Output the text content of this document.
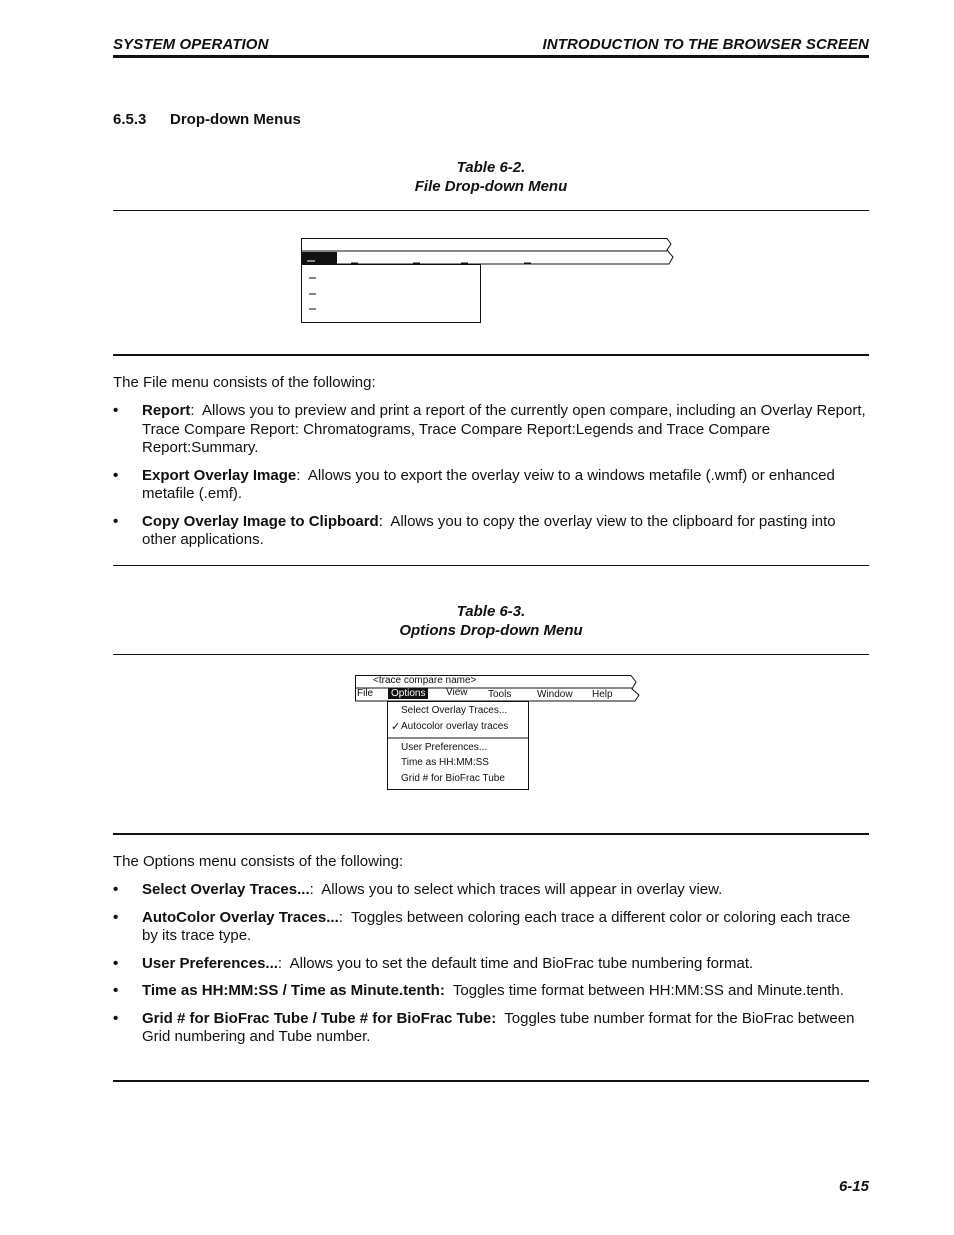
SYSTEM OPERATION	INTRODUCTION TO THE BROWSER SCREEN
6.5.3 Drop-down Menus
Table 6-2.
File Drop-down Menu
The File menu consists of the following:
• Report:  Allows you to preview and print a report of the currently open compare, including an Overlay Report, Trace Compare Report: Chromatograms, Trace Compare Report:Legends and Trace Compare Report:Summary.
• Export Overlay Image:  Allows you to export the overlay veiw to a windows metafile (.wmf) or enhanced metafile (.emf).
• Copy Overlay Image to Clipboard:  Allows you to copy the overlay view to the clipboard for pasting into other applications.
Table 6-3.
Options Drop-down Menu
<trace compare name>
File	Options	View Tools	Window Help
Select Overlay Traces...
✓ Autocolor overlay traces
User Preferences...
Time as HH:MM:SS
Grid # for BioFrac Tube
The Options menu consists of the following:
• Select Overlay Traces...:  Allows you to select which traces will appear in overlay view.
• AutoColor Overlay Traces...:  Toggles between coloring each trace a different color or coloring each trace by its trace type.
• User Preferences...:  Allows you to set the default time and BioFrac tube numbering format.
• Time as HH:MM:SS / Time as Minute.tenth:  Toggles time format between HH:MM:SS and Minute.tenth.
• Grid # for BioFrac Tube / Tube # for BioFrac Tube:  Toggles tube number format for the BioFrac between Grid numbering and Tube number.
6-15
